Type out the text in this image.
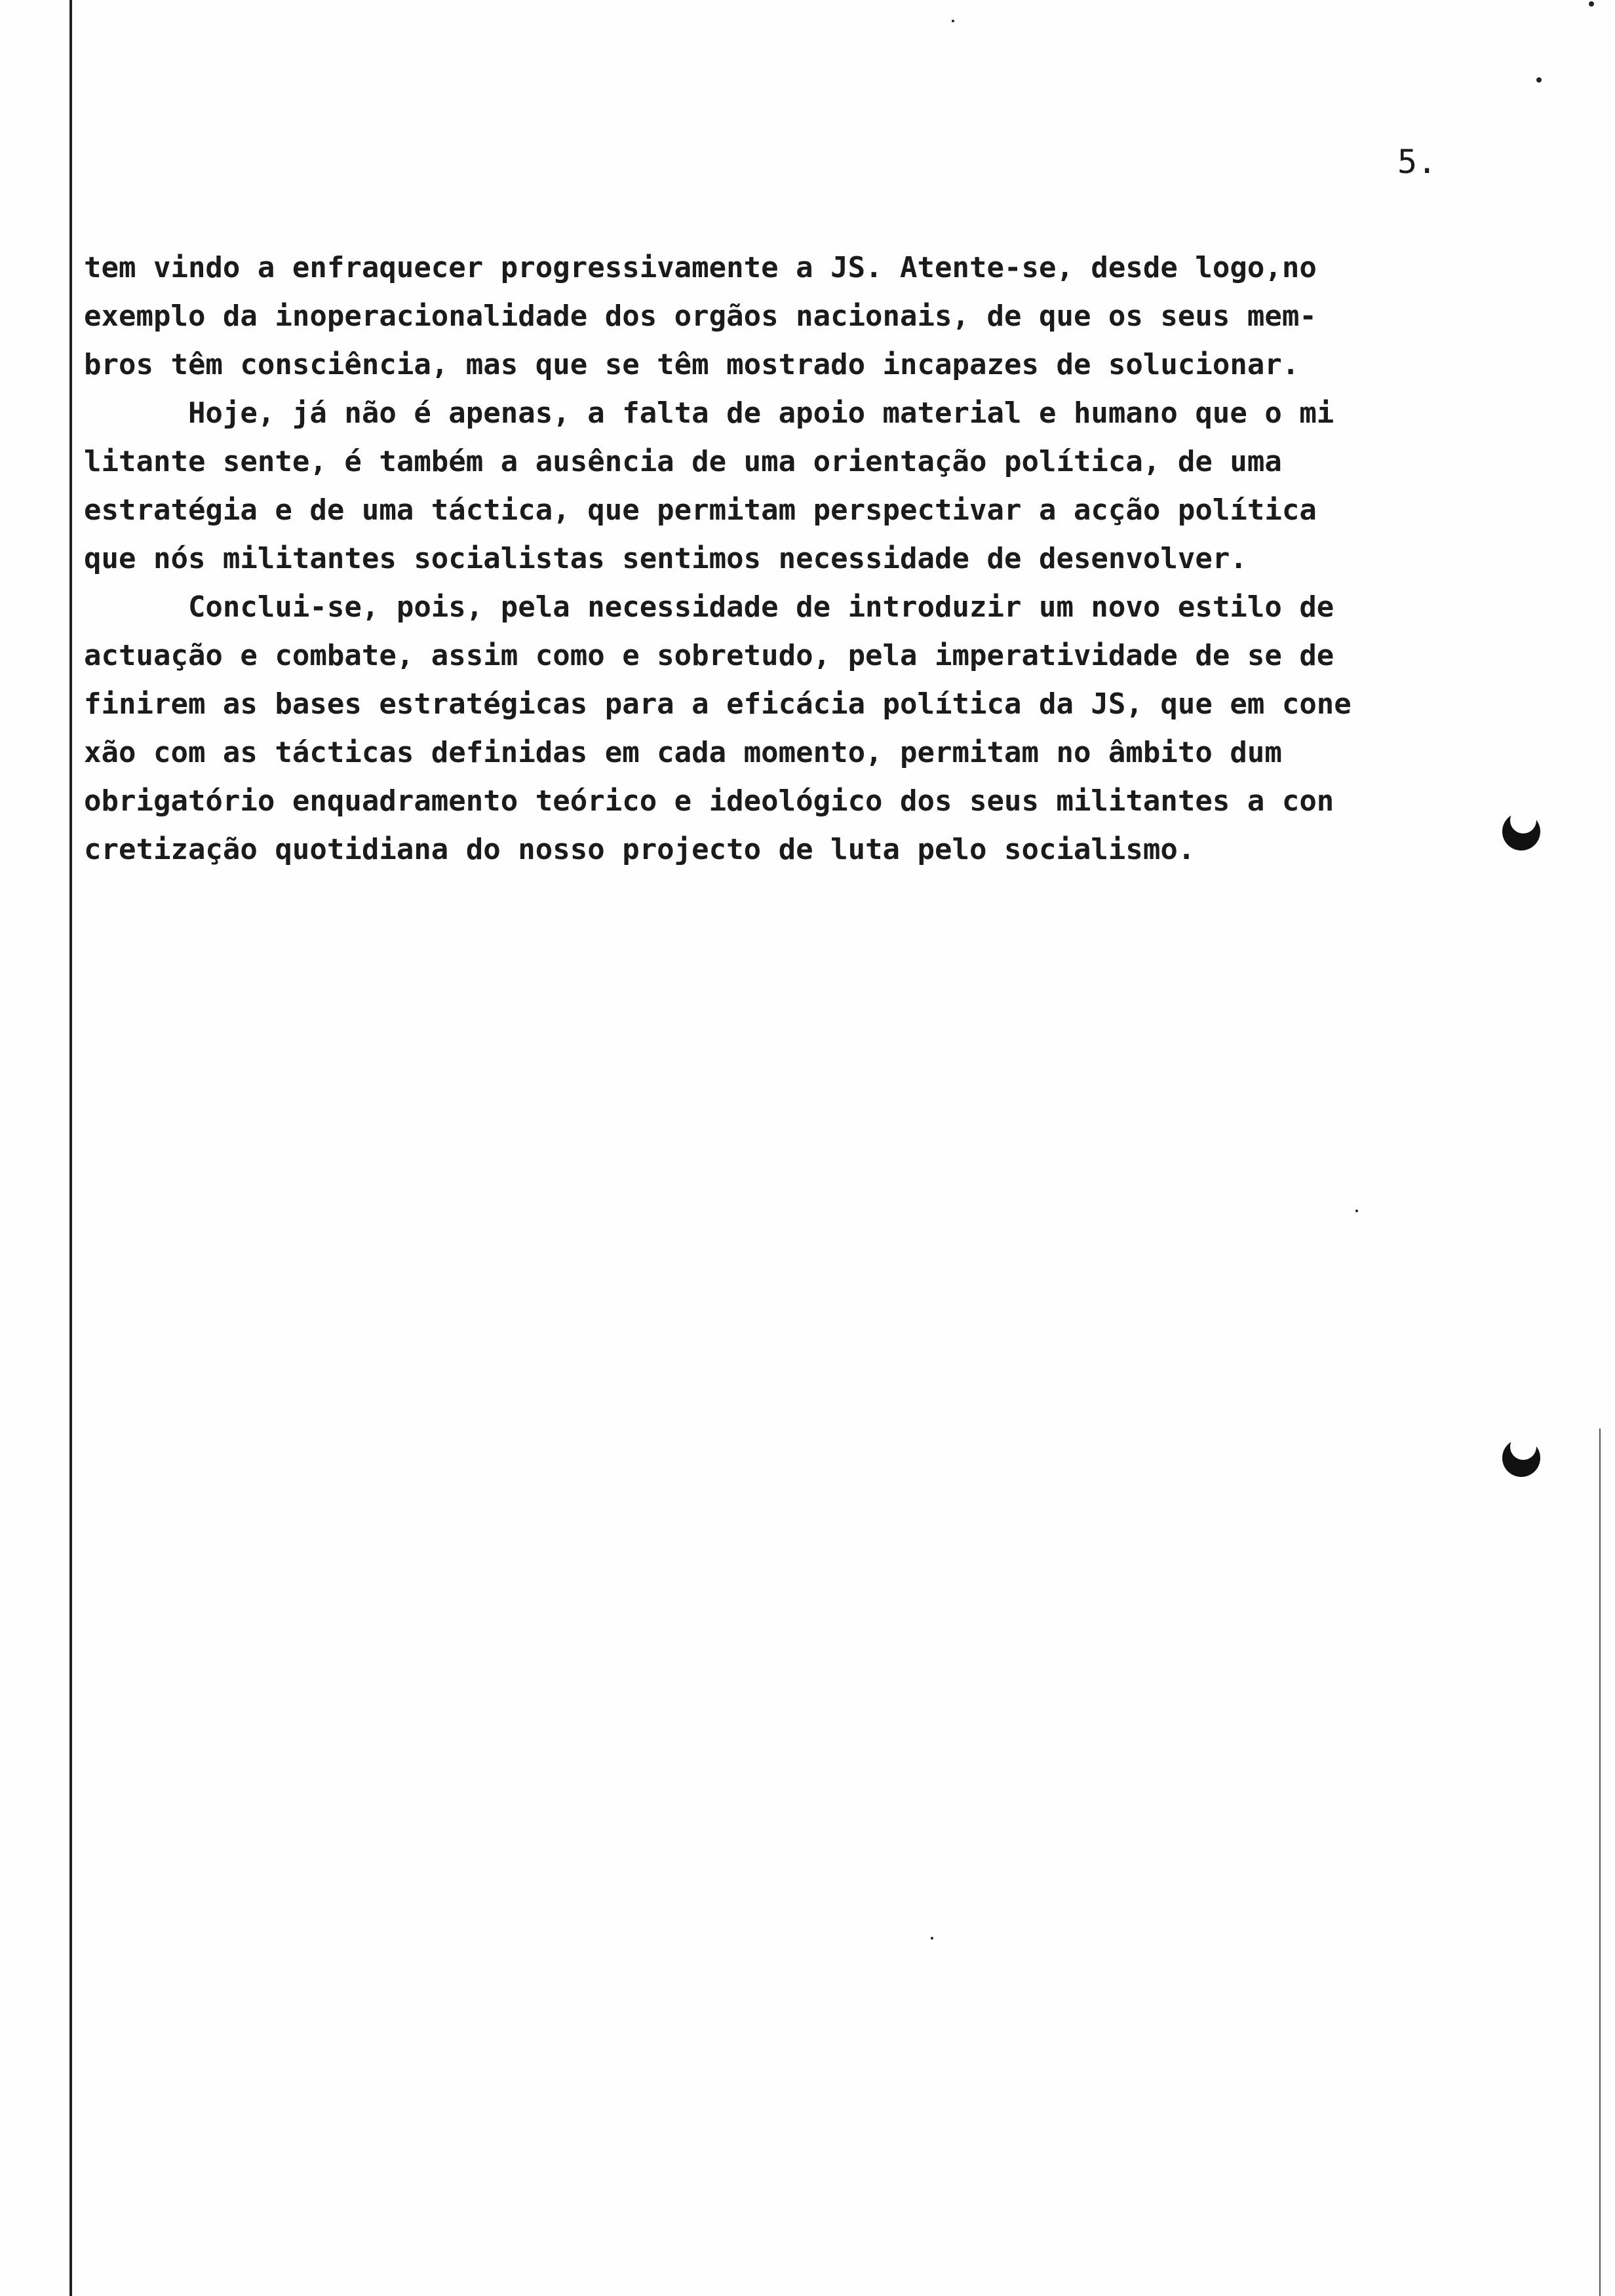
5.
tem vindo a enfraquecer progressivamente a JS. Atente-se, desde logo,no
exemplo da inoperacionalidade dos orgãos nacionais, de que os seus mem-
bros têm consciência, mas que se têm mostrado incapazes de solucionar.
Hoje, já não é apenas, a falta de apoio material e humano que o mi
litante sente, é também a ausência de uma orientação política, de uma
estratégia e de uma táctica, que permitam perspectivar a acção política
que nós militantes socialistas sentimos necessidade de desenvolver.
Conclui-se, pois, pela necessidade de introduzir um novo estilo de
actuação e combate, assim como e sobretudo, pela imperatividade de se de
finirem as bases estratégicas para a eficácia política da JS, que em cone
xão com as tácticas definidas em cada momento, permitam no âmbito dum
obrigatório enquadramento teórico e ideológico dos seus militantes a con
cretização quotidiana do nosso projecto de luta pelo socialismo.
